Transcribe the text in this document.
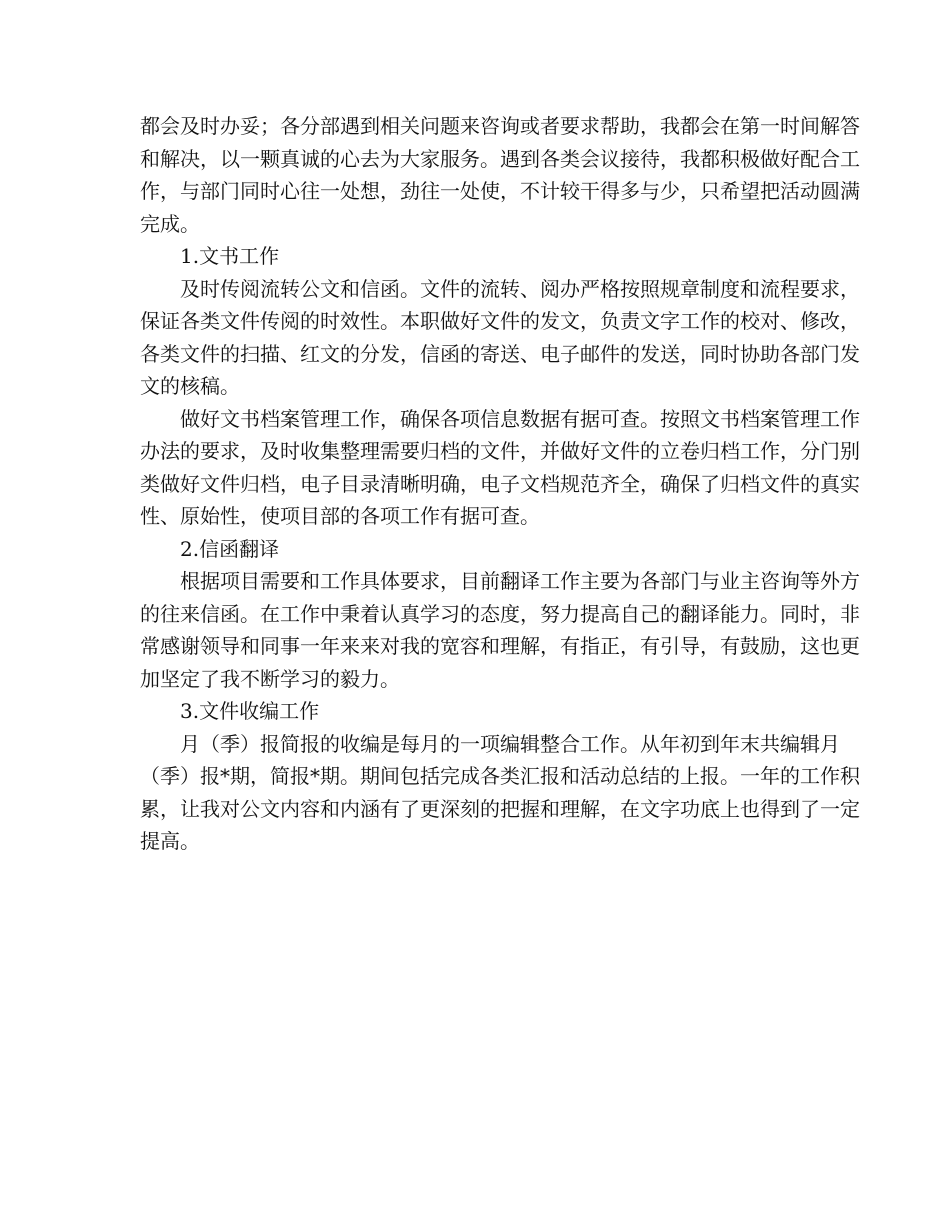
都会及时办妥；各分部遇到相关问题来咨询或者要求帮助，我都会在第一时间解答
和解决，以一颗真诚的心去为大家服务。遇到各类会议接待，我都积极做好配合工
作，与部门同时心往一处想，劲往一处使，不计较干得多与少，只希望把活动圆满
完成。
1.文书工作
及时传阅流转公文和信函。文件的流转、阅办严格按照规章制度和流程要求，
保证各类文件传阅的时效性。本职做好文件的发文，负责文字工作的校对、修改，
各类文件的扫描、红文的分发，信函的寄送、电子邮件的发送，同时协助各部门发
文的核稿。
做好文书档案管理工作，确保各项信息数据有据可查。按照文书档案管理工作
办法的要求，及时收集整理需要归档的文件，并做好文件的立卷归档工作，分门别
类做好文件归档，电子目录清晰明确，电子文档规范齐全，确保了归档文件的真实
性、原始性，使项目部的各项工作有据可查。
2.信函翻译
根据项目需要和工作具体要求，目前翻译工作主要为各部门与业主咨询等外方
的往来信函。在工作中秉着认真学习的态度，努力提高自己的翻译能力。同时，非
常感谢领导和同事一年来来对我的宽容和理解，有指正，有引导，有鼓励，这也更
加坚定了我不断学习的毅力。
3.文件收编工作
月（季）报简报的收编是每月的一项编辑整合工作。从年初到年末共编辑月
（季）报*期，简报*期。期间包括完成各类汇报和活动总结的上报。一年的工作积
累，让我对公文内容和内涵有了更深刻的把握和理解，在文字功底上也得到了一定
提高。
